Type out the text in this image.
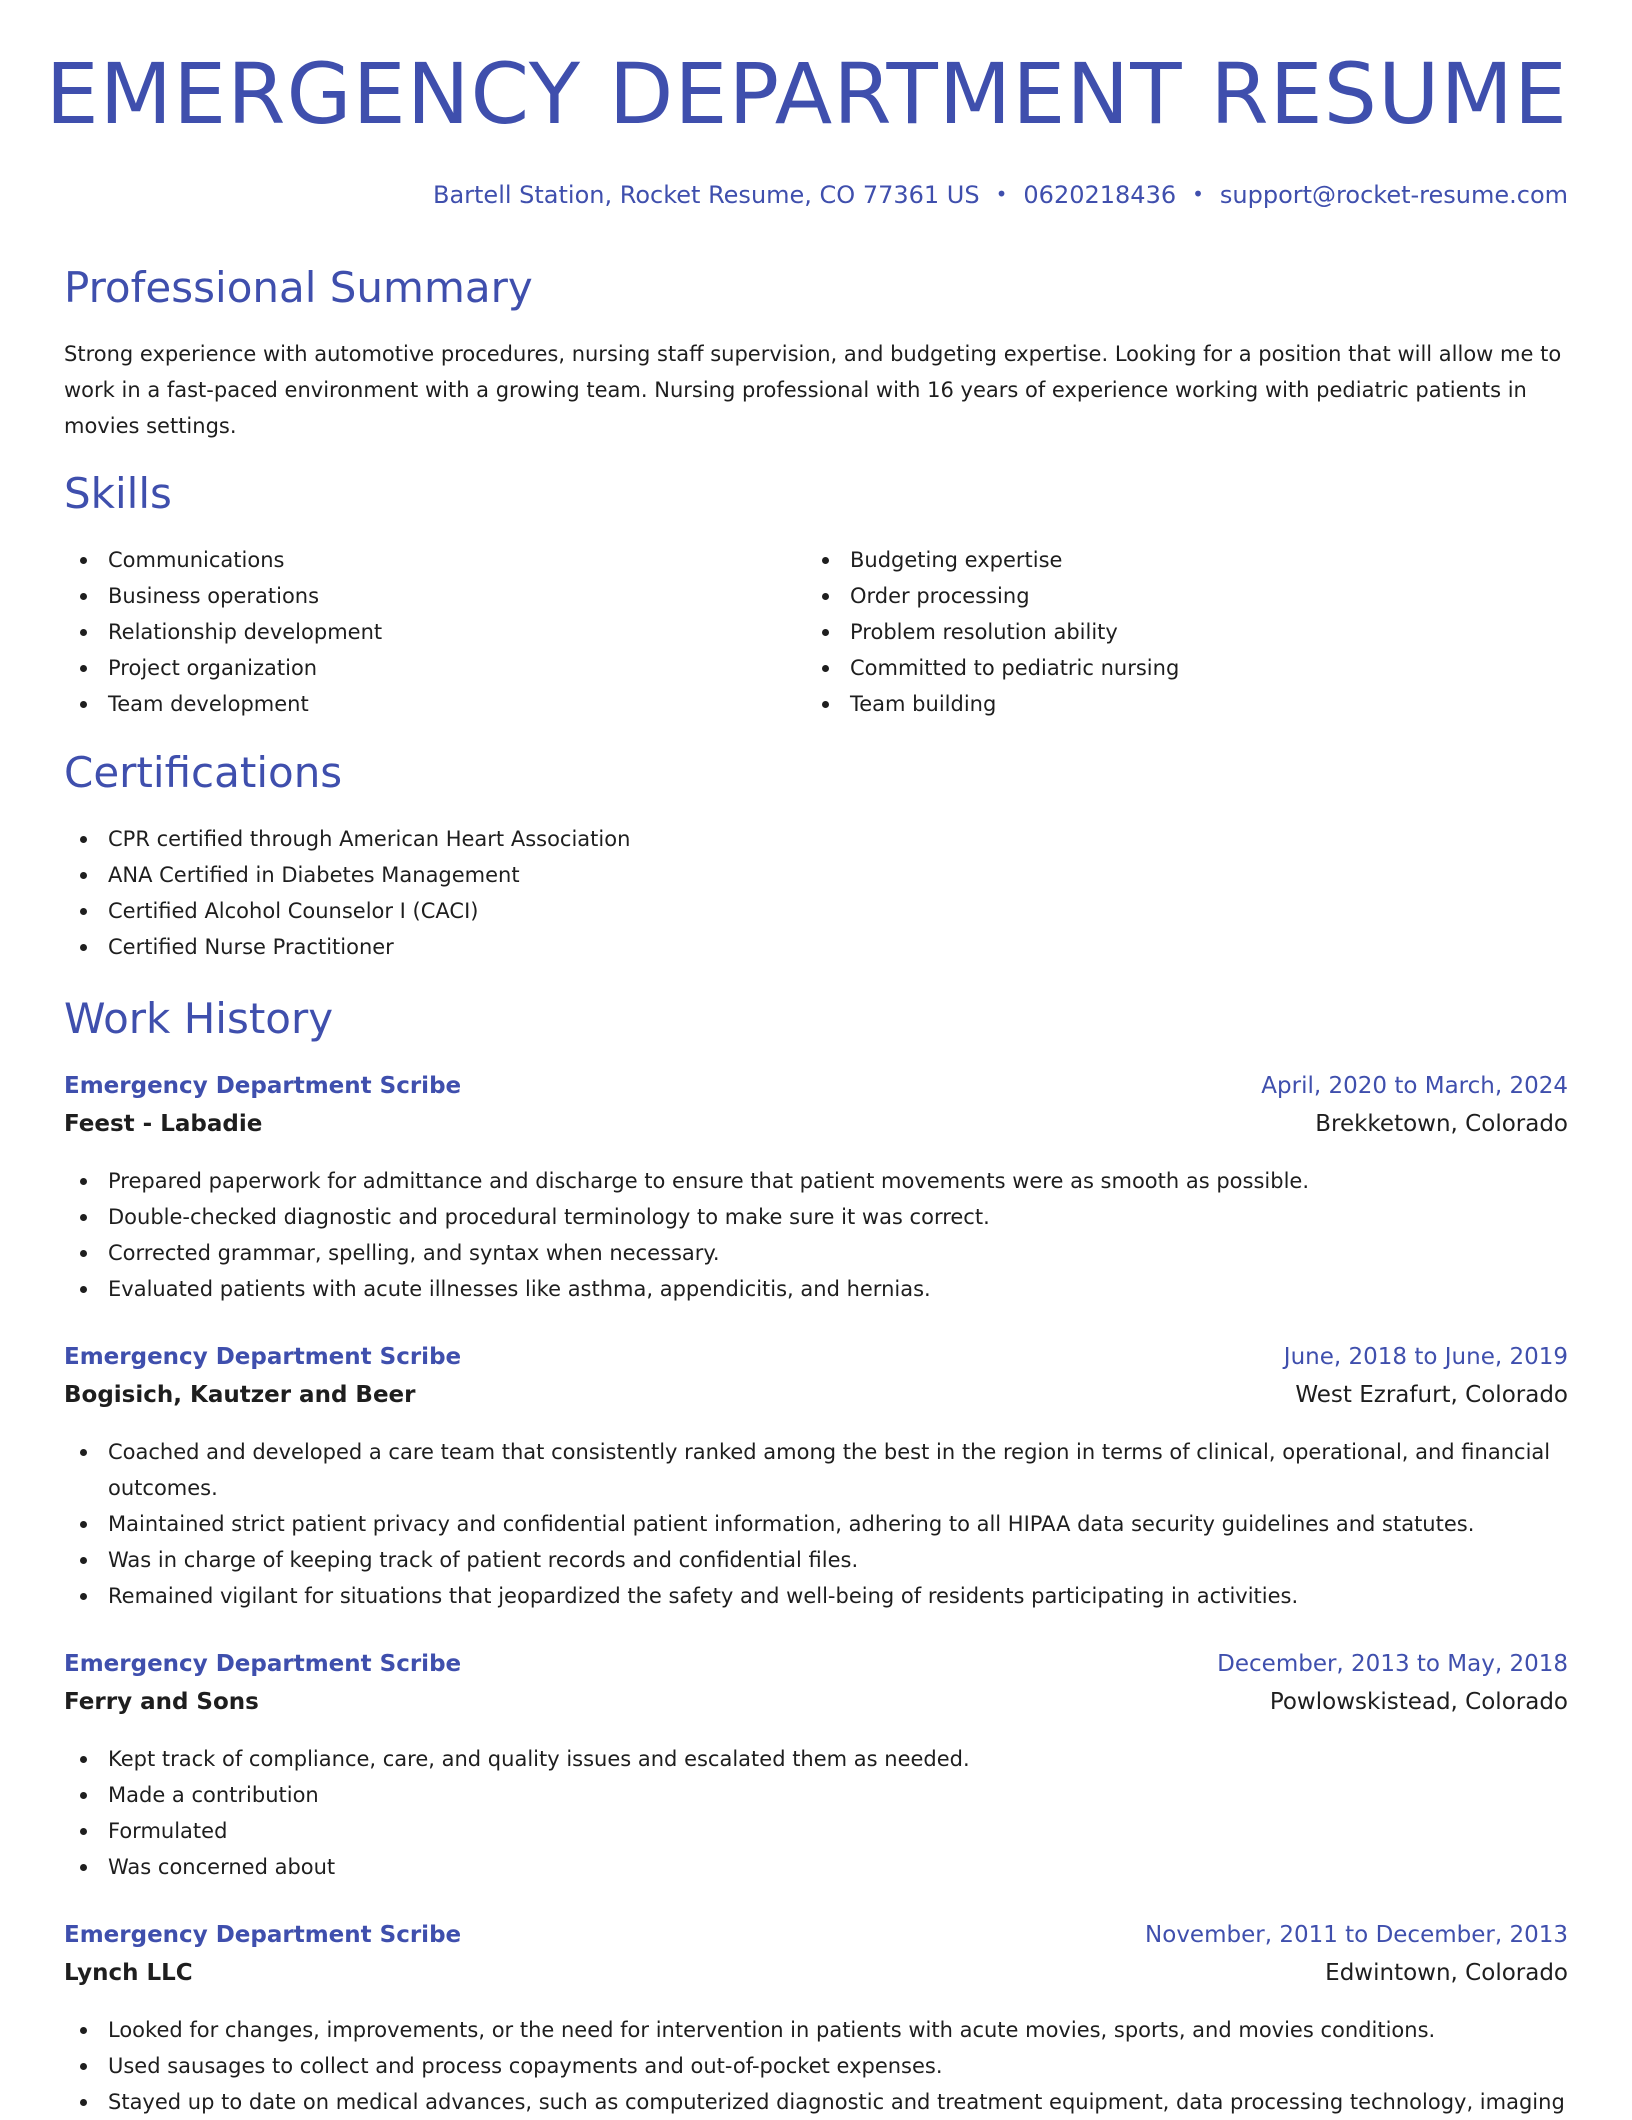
EMERGENCY DEPARTMENT RESUME
Bartell Station, Rocket Resume, CO 77361 US • 0620218436 • support@rocket-resume.com
Professional Summary

Strong experience with automotive procedures, nursing staff supervision, and budgeting expertise. Looking for a position that will allow me to work in a fast-paced environment with a growing team. Nursing professional with 16 years of experience working with pediatric patients in movies settings.

Skills
Communications
Business operations
Relationship development
Project organization
Team development
Budgeting expertise
Order processing
Problem resolution ability
Committed to pediatric nursing
Team building
Certifications
CPR certified through American Heart Association
ANA Certified in Diabetes Management
Certified Alcohol Counselor I (CACI)
Certified Nurse Practitioner
Work History
Emergency Department Scribe	April, 2020 to March, 2024
Feest - Labadie	Brekketown, Colorado
Prepared paperwork for admittance and discharge to ensure that patient movements were as smooth as possible.
Double-checked diagnostic and procedural terminology to make sure it was correct.
Corrected grammar, spelling, and syntax when necessary.
Evaluated patients with acute illnesses like asthma, appendicitis, and hernias.
Emergency Department Scribe	June, 2018 to June, 2019
Bogisich, Kautzer and Beer	West Ezrafurt, Colorado
Coached and developed a care team that consistently ranked among the best in the region in terms of clinical, operational, and financial outcomes.
Maintained strict patient privacy and confidential patient information, adhering to all HIPAA data security guidelines and statutes.
Was in charge of keeping track of patient records and confidential files.
Remained vigilant for situations that jeopardized the safety and well-being of residents participating in activities.
Emergency Department Scribe	December, 2013 to May, 2018
Ferry and Sons	Powlowskistead, Colorado
Kept track of compliance, care, and quality issues and escalated them as needed.
Made a contribution
Formulated
Was concerned about
Emergency Department Scribe	November, 2011 to December, 2013
Lynch LLC	Edwintown, Colorado
Looked for changes, improvements, or the need for intervention in patients with acute movies, sports, and movies conditions.
Used sausages to collect and process copayments and out-of-pocket expenses.
Stayed up to date on medical advances, such as computerized diagnostic and treatment equipment, data processing technology, imaging
